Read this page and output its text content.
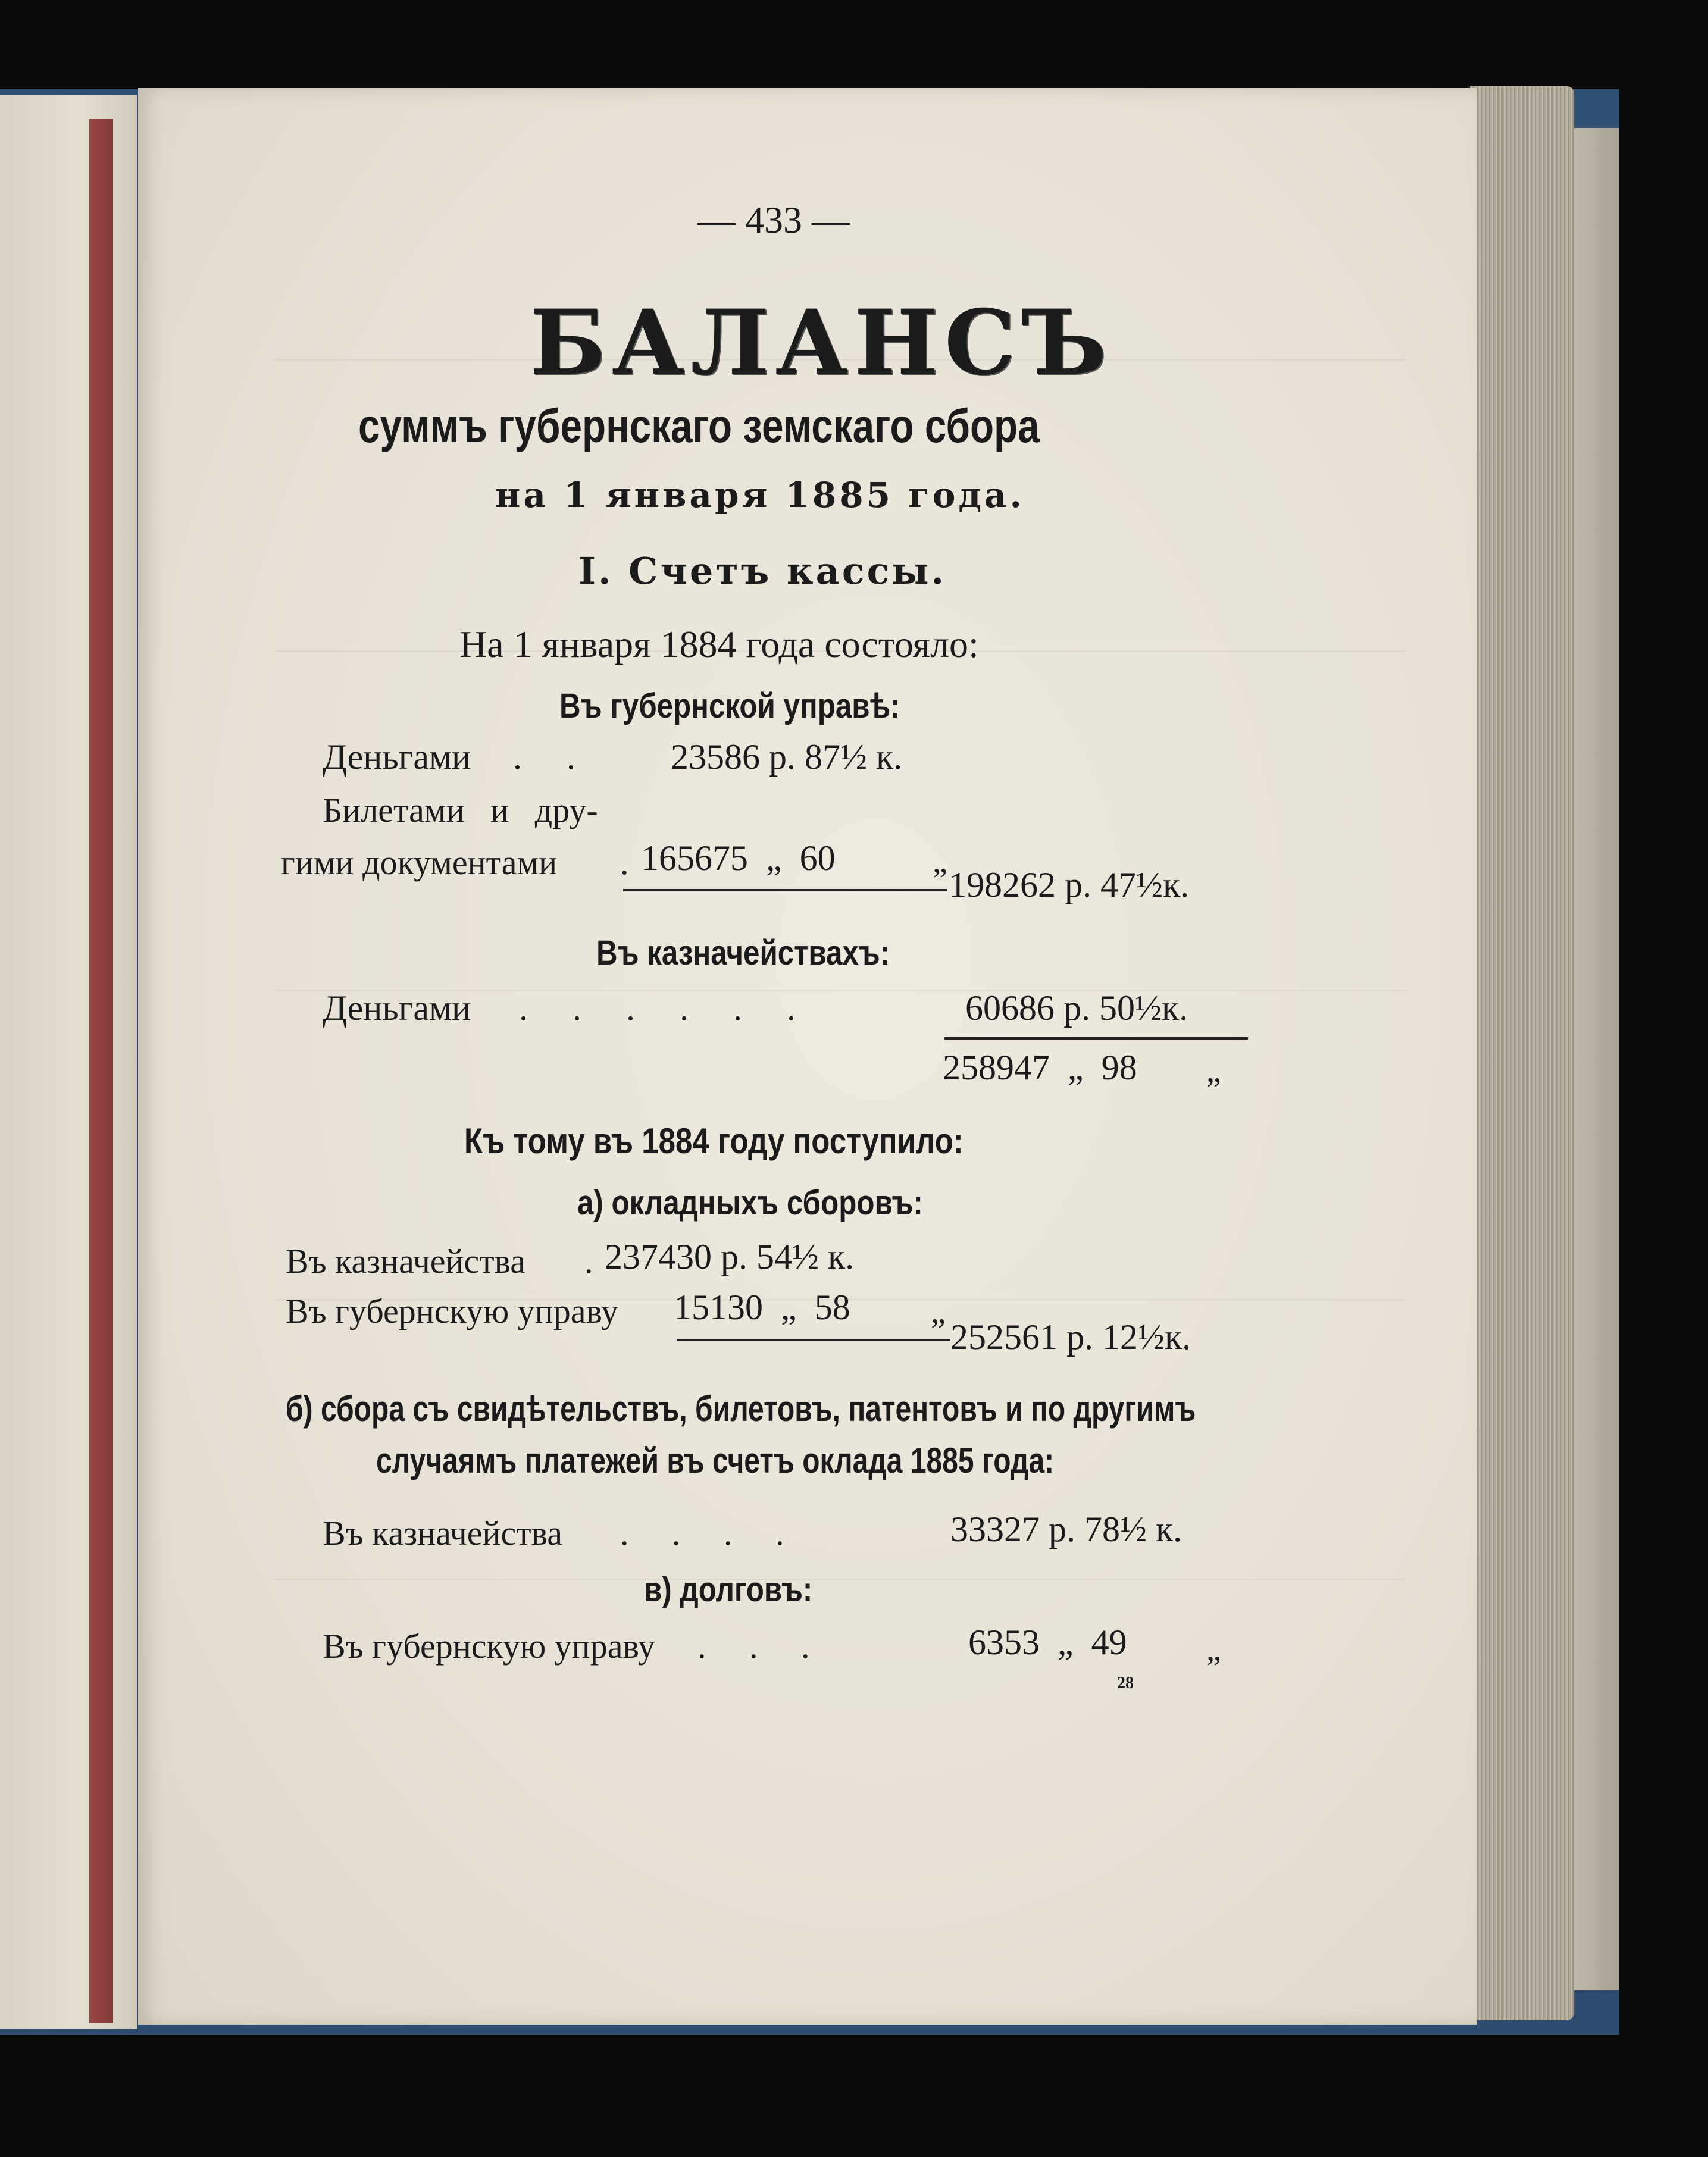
— 433 —
БАЛАНСЪ
суммъ губернскаго земскаго сбора
на 1 января 1885 года.
I. Счетъ кассы.
На 1 января 1884 года состояло:
Въ губернской управѣ:
Деньгами .     .	23586 р. 87½ к.
Билетами   и   дру-
гими документами . 165675  „  60	„
198262 р. 47½к.
Въ казначействахъ:
Деньгами .     .     .     .     .     .	60686 р. 50½к.
258947  „  98 „
Къ тому въ 1884 году поступило:
а) окладныхъ сборовъ:
Въ казначейства . 237430 р. 54½ к.
Въ губернскую управу 15130  „  58 „
252561 р. 12½к.
б) сбора съ свидѣтельствъ, билетовъ, патентовъ и по другимъ
случаямъ платежей въ счетъ оклада 1885 года:
Въ казначейства .     .     .     .	33327 р. 78½ к.
в) долговъ:
Въ губернскую управу .     .     .	6353  „  49 „
28
